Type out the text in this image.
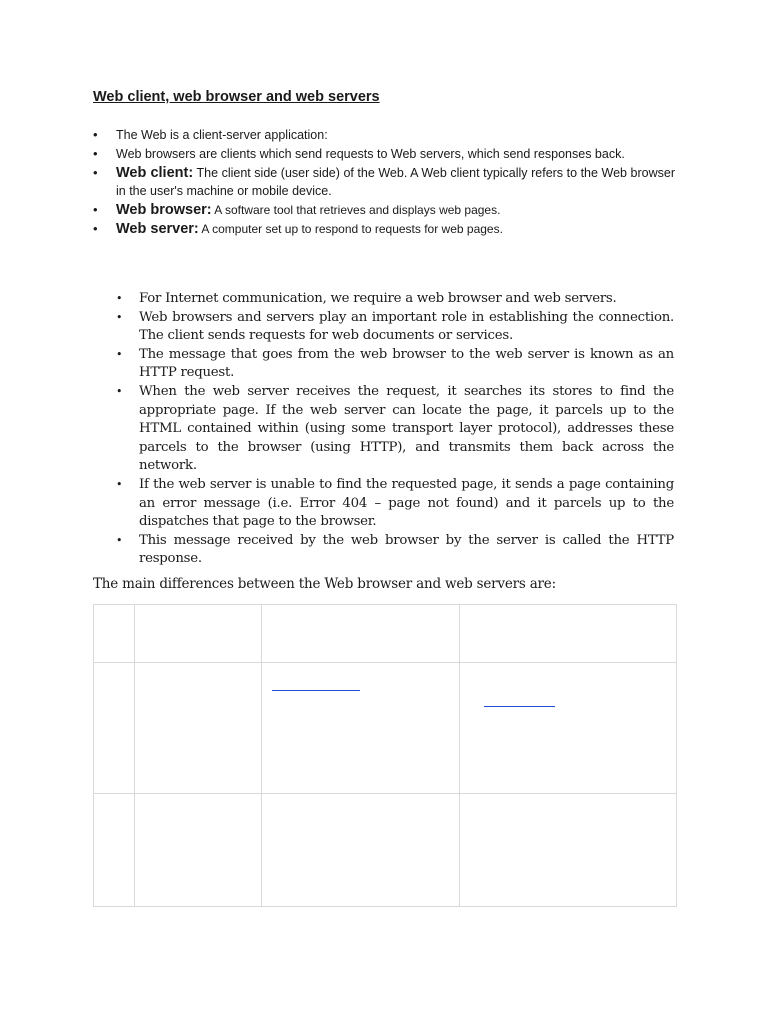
Web client, web browser and web servers
• The Web is a client-server application:
• Web browsers are clients which send requests to Web servers, which send responses back.
• Web client: The client side (user side) of the Web. A Web client typically refers to the Web browser in the user's machine or mobile device.
• Web browser: A software tool that retrieves and displays web pages.
• Web server: A computer set up to respond to requests for web pages.
• For Internet communication, we require a web browser and web servers.
• Web browsers and servers play an important role in establishing the connection. The client sends requests for web documents or services.
• The message that goes from the web browser to the web server is known as an HTTP request.
• When the web server receives the request, it searches its stores to find the appropriate page. If the web server can locate the page, it parcels up to the HTML contained within (using some transport layer protocol), addresses these parcels to the browser (using HTTP), and transmits them back across the network.
• If the web server is unable to find the requested page, it sends a page containing an error message (i.e. Error 404 – page not found) and it parcels up to the dispatches that page to the browser.
• This message received by the web browser by the server is called the HTTP response.

The main differences between the Web browser and web servers are:
